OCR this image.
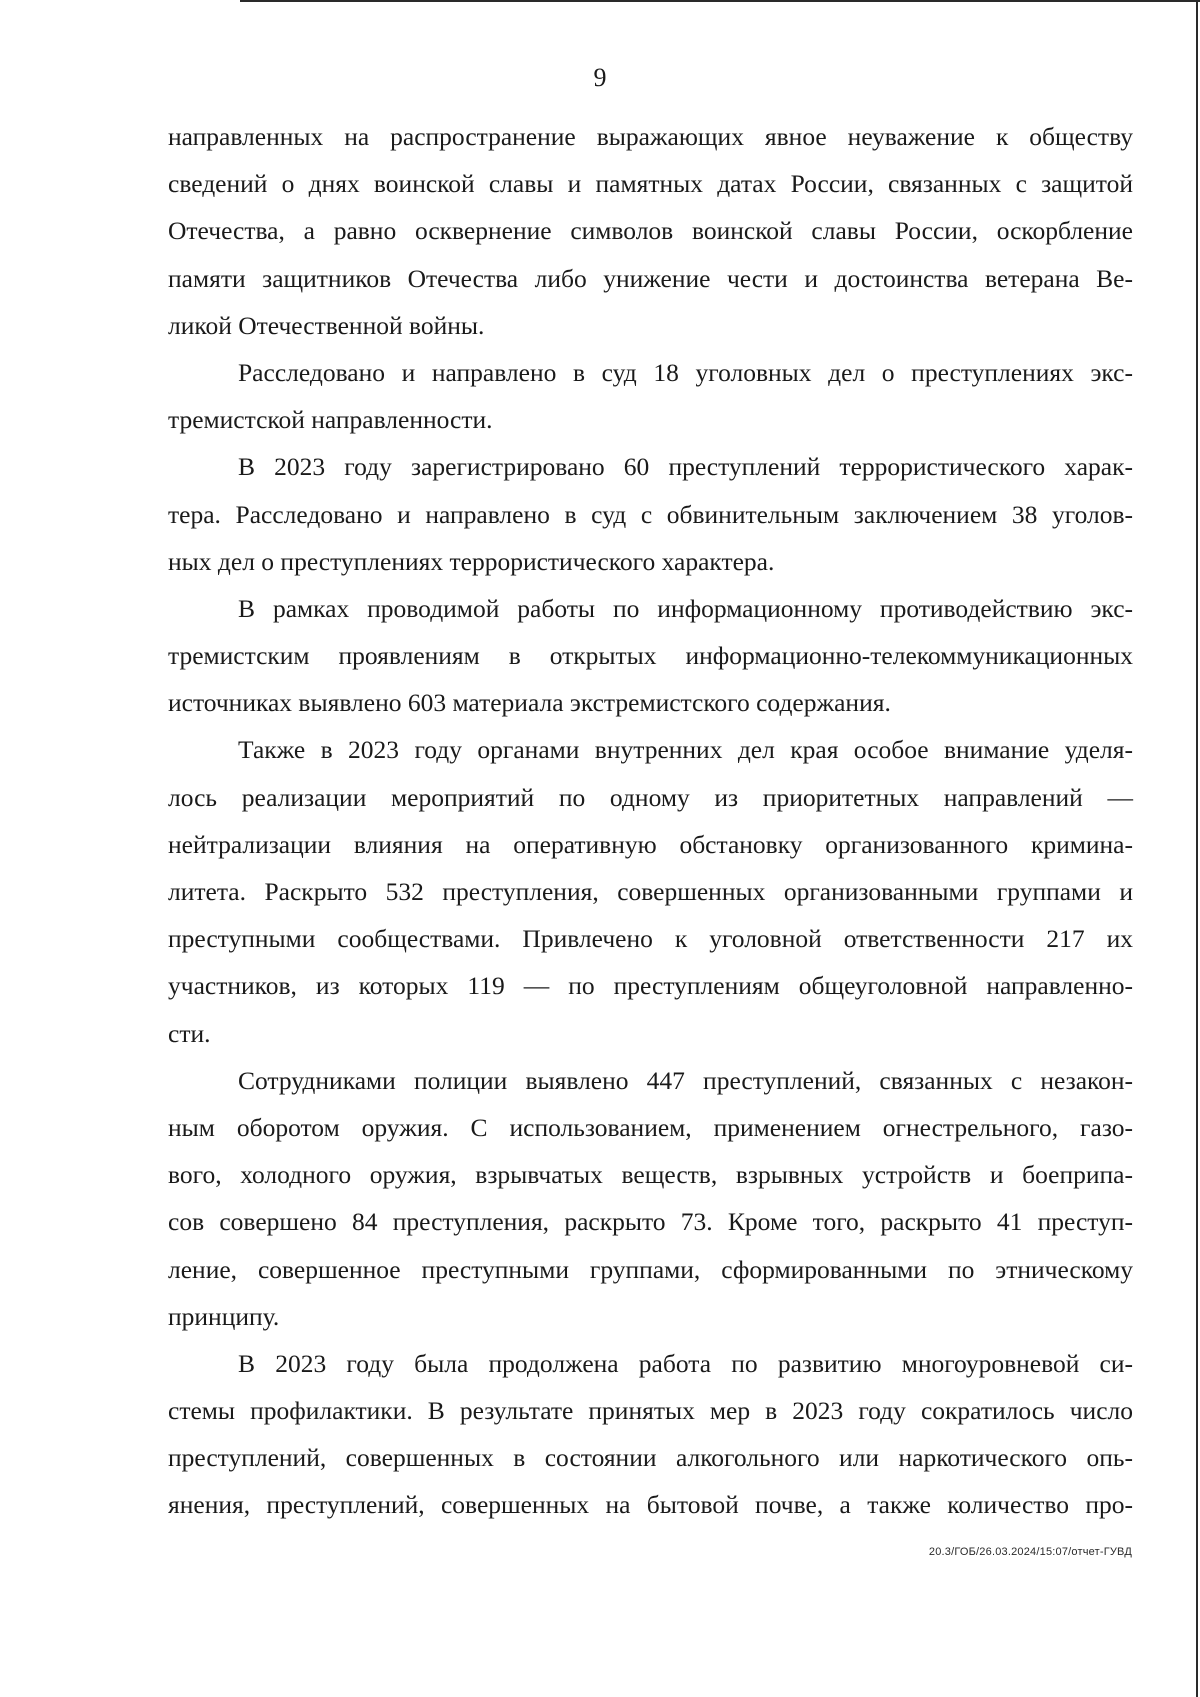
9
направленных на распространение выражающих явное неуважение к обществу
сведений о днях воинской славы и памятных датах России, связанных с защитой
Отечества, а равно осквернение символов воинской славы России, оскорбление
памяти защитников Отечества либо унижение чести и достоинства ветерана Ве-
ликой Отечественной войны.
Расследовано и направлено в суд 18 уголовных дел о преступлениях экс-
тремистской направленности.
В 2023 году зарегистрировано 60 преступлений террористического харак-
тера. Расследовано и направлено в суд с обвинительным заключением 38 уголов-
ных дел о преступлениях террористического характера.
В рамках проводимой работы по информационному противодействию экс-
тремистским проявлениям в открытых информационно-телекоммуникационных
источниках выявлено 603 материала экстремистского содержания.
Также в 2023 году органами внутренних дел края особое внимание уделя-
лось реализации мероприятий по одному из приоритетных направлений —
нейтрализации влияния на оперативную обстановку организованного кримина-
литета. Раскрыто 532 преступления, совершенных организованными группами и
преступными сообществами. Привлечено к уголовной ответственности 217 их
участников, из которых 119 — по преступлениям общеуголовной направленно-
сти.
Сотрудниками полиции выявлено 447 преступлений, связанных с незакон-
ным оборотом оружия. С использованием, применением огнестрельного, газо-
вого, холодного оружия, взрывчатых веществ, взрывных устройств и боеприпа-
сов совершено 84 преступления, раскрыто 73. Кроме того, раскрыто 41 преступ-
ление, совершенное преступными группами, сформированными по этническому
принципу.
В 2023 году была продолжена работа по развитию многоуровневой си-
стемы профилактики. В результате принятых мер в 2023 году сократилось число
преступлений, совершенных в состоянии алкогольного или наркотического опь-
янения, преступлений, совершенных на бытовой почве, а также количество про-
20.3/ГОБ/26.03.2024/15:07/отчет-ГУВД
